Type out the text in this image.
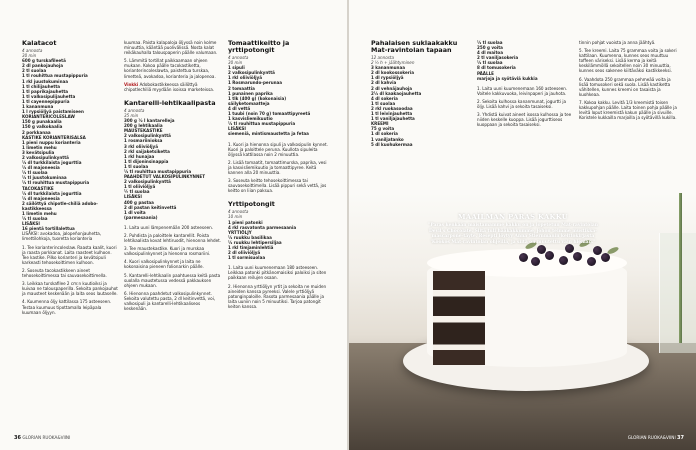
Kalatacot
4 annosta
30 min
600 g turskafileetä
2 dl pankojauhoja
2 tl suolaa
1 tl rouhittua mustapippuria
1 rkl juustokuminaa
1 tl chilijauhetta
1 tl paprikajauhetta
1 tl valkosipulijauhetta
1 tl cayennepippuria
1 kananmuna
1 l rypsiöljyä paistamiseen
KORIANTERICOLESLAW
150 g punakaalia
150 g valkokaalia
2 porkkanaa
KASTIKE KORIANTERISALSA
1 pieni nuppu korianteria
1 limetin mehu
3 kevätsipulia
2 valkosipulinkynttä
½ dl turkkilaista jogurttia
½ dl majoneesia
½ tl suolaa
½ tl juustokuminaa
½ tl rouhittua mustapippuria
TACOKASTIKE
½ dl turkkilaista jogurttia
½ dl majoneesia
2 säilöttyä chipotle-chiliä adobo-kastikkeessa
1 limetin mehu
½ tl suolaa
LISÄKSI
16 pientä tortillalettua

LISÄKSI: avokadoa, jalopeñonjauhetta, limettilohkoja, tuoretta korianteria

1. Tee korianterincoleslaw. Raasta kaalit, kuori ja raasta porkkanat. Laita raasteet kulhoon. Tee kastike. Pilko korianteri ja kevätsipuli karkeasti tehosekoittimen kulhoon.

2. Soseuta tacokastikkeen aineet tehosekoittimessa tai sauvasekoittimella.

3. Leikkaa turskafilee 2 cm:n kuutioiksi ja kuivaa ne talouspaperilla. Sekoita pankojauhot ja mausteet keskenään ja laita seos lautaselle.

4. Kuumenna öljy kattilassa 175 asteeseen. Testaa kuumuus tipottamalla leipäpala kuumaan öljyyn.

kuumaa. Paista kalapaloja öljyssä noin kolme minuuttia, kääntää puolivälissä. Nosta kalat reikäkauhalla talouspaperin päälle valumaan.

5. Lämmitä tortillat paikkaamaan ohjeen mukaan. Kokoa päälle tacokastiketta, korianterincoleslawta, paistettua turskaa, limetteä, avokadoa, korianteria ja jalopenoa.

Vinkki Adobokastikkeessa säilöttyä chipotlechiliä myydään isoissa marketeissa.

Kantarelli-lehtikaalipasta
4 annosta
35 min
300 g ½ l kantarelleja
200 g lehtikaalia
MAUSTEKASTIKE
2 valkosipulinkynttä
1 rosmariinioksa
3 rkl oliiviöljyä
2 rkl saijaketsiketta
1 rkl hunajaa
1 tl dijoninsinappia
1 tl suolaa
½ tl rouhittua mustapippuria
PAAHDETUT VALKOSIPULINKYNNET
2 valkosipulinkynttä
1 tl oliiviöljyä
¼ tl suolaa
LISÄKSI
400 g pastaa
2 dl pastan keitinvettä
1 dl voita
(parmesaania)

1. Laita uuni lämpenemään 200 asteeseen.

2. Puhdista ja paloittele kantarellit. Poista lehtikaalista kovat lehtiruodit, hienonna lehdet.

3. Tee maustekastike. Kuori ja murskaa valkosipulinkynnet ja hienonna rosmariini.

4. Kuori valkosipulinkynnet ja laita ne kokonaisina pieneen folionarkin päälle.

5. Kantarelli-lehtikaalin paahtuessa keitä pasta suolalla maustetussa vedessä pakkauksen ohjeen mukaan.

6. Hienonna paahdetut valkosipulinkynnet. Sekoita valutettu pasta, 2 dl keitinvettä, voi, valkosipuli ja kantarelli-lehtikaaliseos keskenään.

Tomaattikeitto ja yrttipotongit
4 annosta
30 min
1 sipuli
2 valkosipulinkynttä
1 rkl oliiviöljyä
1 Rosmarundo-perunaa
2 tomaattia
1 punainen paprika
1 tlk (400 g) (kokonaisia) säilyketomaatteja
4 dl vettä
1 tuubi (noin 70 g) tomaattipyreetä
1 kasvisliemikuutio
½ tl rouhittua mustapippuria
LISÄKSI
siemeniä, mintismaustetta ja fetaa

1. Kuori ja hienonna sipuli ja valkosipulin kynnet. Kuori ja paloittele peruna. Kuullota sipuleita öljyssä kattilassa noin 2 minuuttia.

2. Lisää tomaatit, tomaattimurska, paprika, vesi ja kasvisliemikuutio ja tomaattipyree. Keitä kannen alla 20 minuuttia.

3. Soseuta keitto tehosekoittimessa tai sauvasekoittimella. Lisää pippuri sekä vettä, jos keitto on liian paksua.

Yrttipotongit
4 annosta
10 min
1 pieni patonki
4 rkl rasvatonta parmesaania
YRTTIÖLJY
½ ruukku basilikaa
½ ruukku lehtipersiljaa
1 rkl timjaminlehtiä
2 dl oliiviöljyä
1 tl sormisuolaa

1. Laita uuni kuumenemaan 180 asteeseen. Leikkaa patonki pitkänomaisiksi paloiksi ja siten paikkaan reilujen osaan.

2. Hienonna yrttiöljyn yrtit ja sekoita ne muiden aineiden kanssa pyreeksi. Valele yrttiöljyä patonginpaloille. Rasota parmesaania päälle ja laita uuniin noin 5 minuutiksi. Tarjoa patongit keiton kanssa.

36 GLORIAN RUOKA&VIINI
Pahalaisen suklaakakku Mat-ravintolan tapaan
12 annosta
2 ½ h + jäähtyminen
3 kananmunaa
2 dl kookossokeria
1 dl rypsiöljyä
2 dl kahvia
2 dl vehnäjauhoja
2½ dl kaakaojauhetta
4 dl sokeria
1 tl suolaa
2 rkl ruokasoodaa
1 tl leivinjauhetta
1 tl vaniljajauhetta
KREEMI
75 g voita
1 dl sokeria
1 vaniljatanko
5 dl kuohukermaa
½ tl suolaa
250 g voita
4 dl maitoa
2 tl vaniljasokeria
½ tl suolaa
8 dl tomusokeria
PÄÄLLE
marjoja ja syötäviä kukkia

1. Laita uuni kuumenemaan 160 asteeseen. Voitele kakkuvuoka, leivinpaperi ja jauhota.

2. Sekoita kulhossa kananmunat, jogurtti ja öljy. Lisää kahvi ja sekoita tasaiseksi.

3. Yhdistä kuivat aineet isossa kulhossa ja tee niiden keskelle kuoppa. Lisää jogurttiseos kuoppaan ja sekoita tasaiseksi.

tinnin pohjat vuoista ja anna jäähtyä.

5. Tee kreemi. Laita 75 grammaa voita ja sokeri kattilaan. Kuumenna, kunnes seos muuttuu toffeen väriseksi. Lisää kerma ja keitä keskilämmöllä sekoitellen noin 30 minuuttia, kunnes seos sakenee kiiltäväksi kastikkeeksi.

6. Vaahdota 250 grammaa pehmeää voita ja lisää tomusokeri sekä suola. Lisää kastiketta vähitellen, kunnes kreemi on tasaista ja kuohkeaa.

7. Kokoa kakku. Levitä 1/3 kreemistä toisen kakkupohjan päälle. Laita toinen pohja päälle ja levitä loput kreemistä kakun päälle ja sivuille. Koristele kukkailla marjoilla ja syötävillä kukilla.

MAAILMAN PARAS KAKKU
"Paras kenkään maistamamme kakku on ja lopetetun Mat-ravintolan Devil’s Chocolate. Siitä tuli hääkakkumme, johon teimme mustikka-mascarpone-täyte. Resepti löytyy Anna Stiernmanin keittokirjasta 'Kookos Mat-ravintolan ohjeilla, ja siitä on muutettu vain hieman."
GLORIAN RUOKA&VIINI 37
